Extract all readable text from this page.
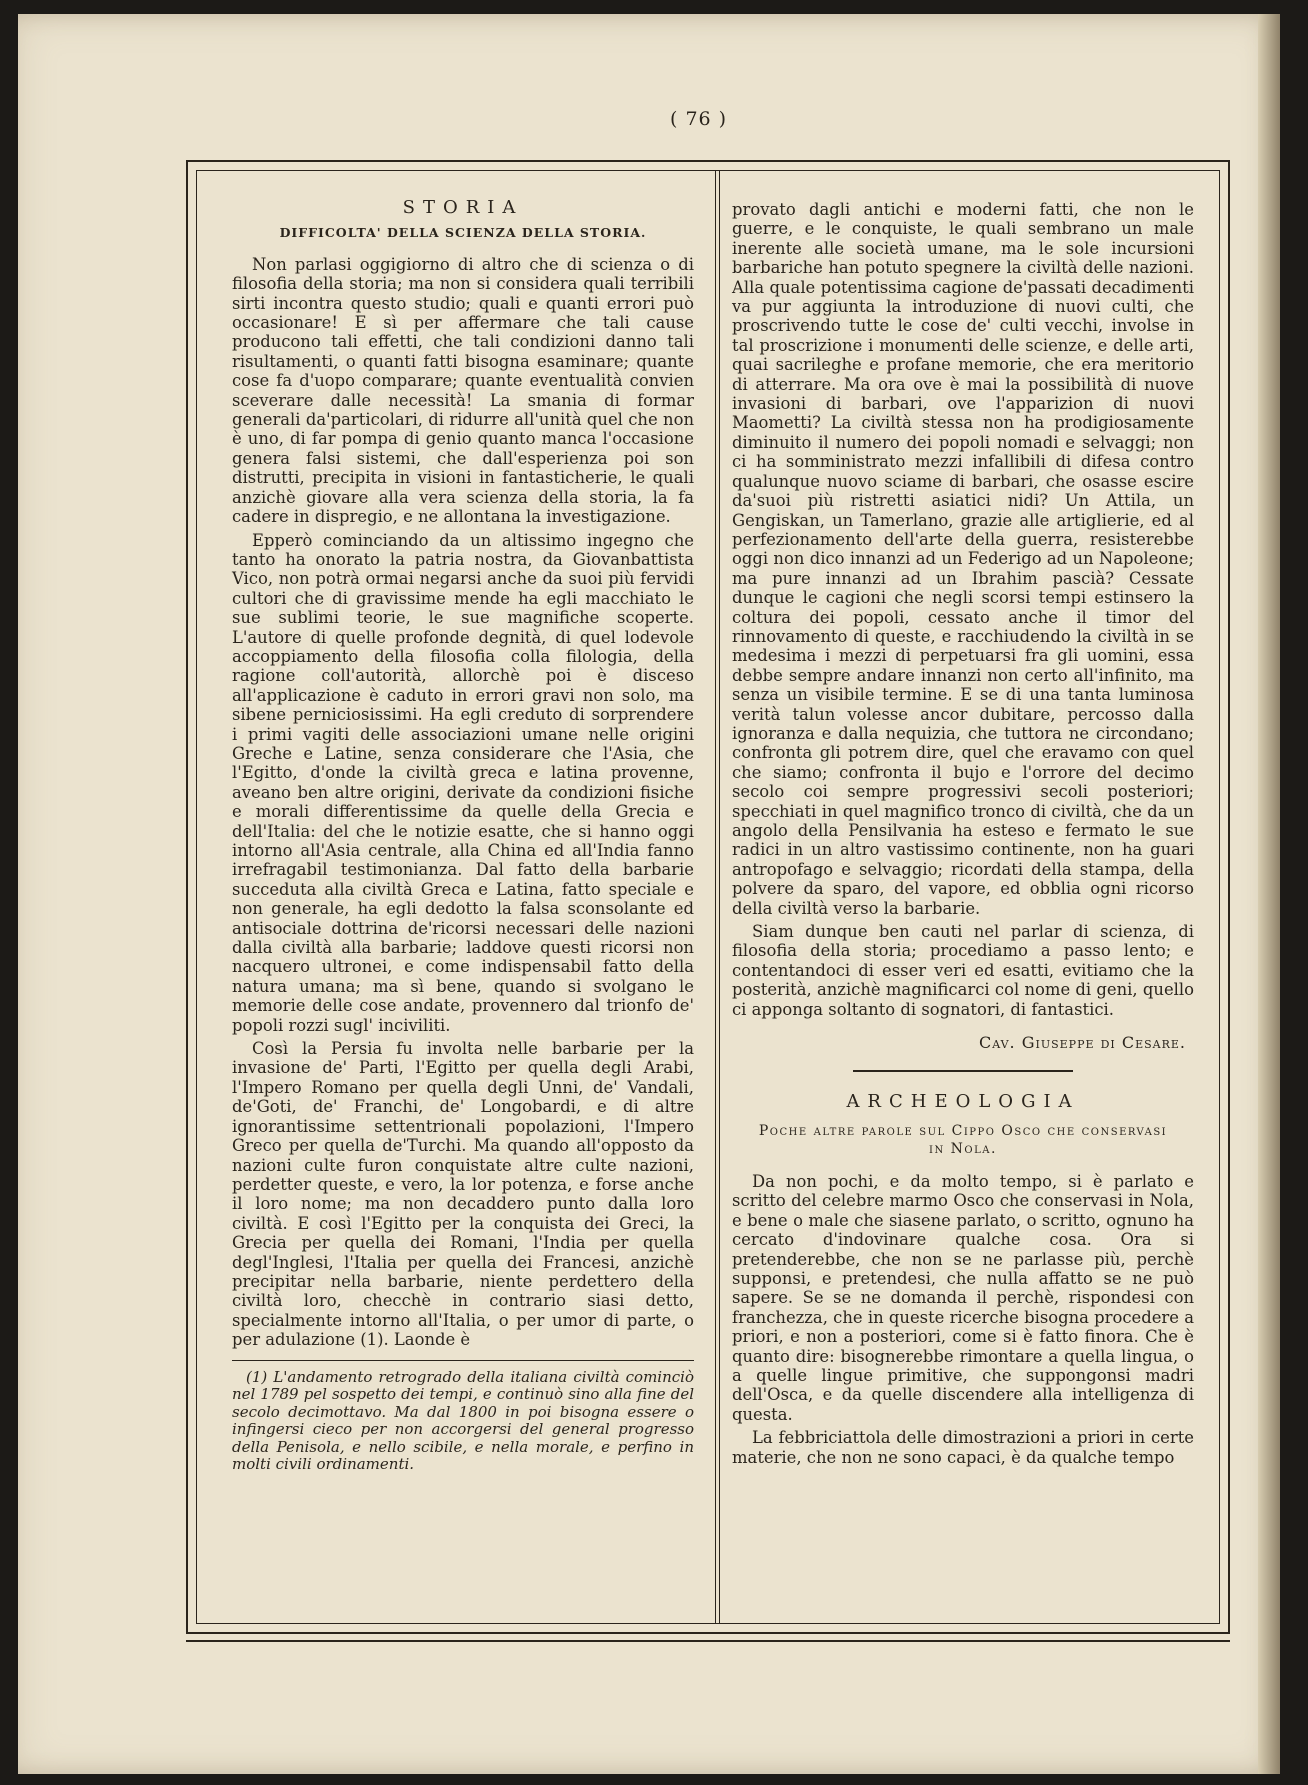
( 76 )
STORIA
DIFFICOLTA' DELLA SCIENZA DELLA STORIA.

Non parlasi oggigiorno di altro che di scienza o di filosofia della storia; ma non si considera quali terribili sirti incontra questo studio; quali e quanti errori può occasionare! E sì per affermare che tali cause producono tali effetti, che tali condizioni danno tali risultamenti, o quanti fatti bisogna esaminare; quante cose fa d'uopo comparare; quante eventualità convien sceverare dalle necessità! La smania di formar generali da'particolari, di ridurre all'unità quel che non è uno, di far pompa di genio quanto manca l'occasione genera falsi sistemi, che dall'esperienza poi son distrutti, precipita in visioni in fantasticherie, le quali anzichè giovare alla vera scienza della storia, la fa cadere in dispregio, e ne allontana la investigazione.

Epperò cominciando da un altissimo ingegno che tanto ha onorato la patria nostra, da Giovanbattista Vico, non potrà ormai negarsi anche da suoi più fervidi cultori che di gravissime mende ha egli macchiato le sue sublimi teorie, le sue magnifiche scoperte. L'autore di quelle profonde degnità, di quel lodevole accoppiamento della filosofia colla filologia, della ragione coll'autorità, allorchè poi è disceso all'applicazione è caduto in errori gravi non solo, ma sibene perniciosissimi. Ha egli creduto di sorprendere i primi vagiti delle associazioni umane nelle origini Greche e Latine, senza considerare che l'Asia, che l'Egitto, d'onde la civiltà greca e latina provenne, aveano ben altre origini, derivate da condizioni fisiche e morali differentissime da quelle della Grecia e dell'Italia: del che le notizie esatte, che si hanno oggi intorno all'Asia centrale, alla China ed all'India fanno irrefragabil testimonianza. Dal fatto della barbarie succeduta alla civiltà Greca e Latina, fatto speciale e non generale, ha egli dedotto la falsa sconsolante ed antisociale dottrina de'ricorsi necessari delle nazioni dalla civiltà alla barbarie; laddove questi ricorsi non nacquero ultronei, e come indispensabil fatto della natura umana; ma sì bene, quando si svolgano le memorie delle cose andate, provennero dal trionfo de' popoli rozzi sugl' inciviliti.

Così la Persia fu involta nelle barbarie per la invasione de' Parti, l'Egitto per quella degli Arabi, l'Impero Romano per quella degli Unni, de' Vandali, de'Goti, de' Franchi, de' Longobardi, e di altre ignorantissime settentrionali popolazioni, l'Impero Greco per quella de'Turchi. Ma quando all'opposto da nazioni culte furon conquistate altre culte nazioni, perdetter queste, e vero, la lor potenza, e forse anche il loro nome; ma non decaddero punto dalla loro civiltà. E così l'Egitto per la conquista dei Greci, la Grecia per quella dei Romani, l'India per quella degl'Inglesi, l'Italia per quella dei Francesi, anzichè precipitar nella barbarie, niente perdettero della civiltà loro, checchè in contrario siasi detto, specialmente intorno all'Italia, o per umor di parte, o per adulazione (1). Laonde è

(1) L'andamento retrogrado della italiana civiltà cominciò nel 1789 pel sospetto dei tempi, e continuò sino alla fine del secolo decimottavo. Ma dal 1800 in poi bisogna essere o infingersi cieco per non accorgersi del general progresso della Penisola, e nello scibile, e nella morale, e perfino in molti civili ordinamenti.

provato dagli antichi e moderni fatti, che non le guerre, e le conquiste, le quali sembrano un male inerente alle società umane, ma le sole incursioni barbariche han potuto spegnere la civiltà delle nazioni. Alla quale potentissima cagione de'passati decadimenti va pur aggiunta la introduzione di nuovi culti, che proscrivendo tutte le cose de' culti vecchi, involse in tal proscrizione i monumenti delle scienze, e delle arti, quai sacrileghe e profane memorie, che era meritorio di atterrare. Ma ora ove è mai la possibilità di nuove invasioni di barbari, ove l'apparizion di nuovi Maometti? La civiltà stessa non ha prodigiosamente diminuito il numero dei popoli nomadi e selvaggi; non ci ha somministrato mezzi infallibili di difesa contro qualunque nuovo sciame di barbari, che osasse escire da'suoi più ristretti asiatici nidi? Un Attila, un Gengiskan, un Tamerlano, grazie alle artiglierie, ed al perfezionamento dell'arte della guerra, resisterebbe oggi non dico innanzi ad un Federigo ad un Napoleone; ma pure innanzi ad un Ibrahim pascià? Cessate dunque le cagioni che negli scorsi tempi estinsero la coltura dei popoli, cessato anche il timor del rinnovamento di queste, e racchiudendo la civiltà in se medesima i mezzi di perpetuarsi fra gli uomini, essa debbe sempre andare innanzi non certo all'infinito, ma senza un visibile termine. E se di una tanta luminosa verità talun volesse ancor dubitare, percosso dalla ignoranza e dalla nequizia, che tuttora ne circondano; confronta gli potrem dire, quel che eravamo con quel che siamo; confronta il bujo e l'orrore del decimo secolo coi sempre progressivi secoli posteriori; specchiati in quel magnifico tronco di civiltà, che da un angolo della Pensilvania ha esteso e fermato le sue radici in un altro vastissimo continente, non ha guari antropofago e selvaggio; ricordati della stampa, della polvere da sparo, del vapore, ed obblia ogni ricorso della civiltà verso la barbarie.

Siam dunque ben cauti nel parlar di scienza, di filosofia della storia; procediamo a passo lento; e contentandoci di esser veri ed esatti, evitiamo che la posterità, anzichè magnificarci col nome di geni, quello ci apponga soltanto di sognatori, di fantastici.

Cav. Giuseppe di Cesare.
ARCHEOLOGIA
Poche altre parole sul Cippo Osco che conservasi in Nola.

Da non pochi, e da molto tempo, si è parlato e scritto del celebre marmo Osco che conservasi in Nola, e bene o male che siasene parlato, o scritto, ognuno ha cercato d'indovinare qualche cosa. Ora si pretenderebbe, che non se ne parlasse più, perchè supponsi, e pretendesi, che nulla affatto se ne può sapere. Se se ne domanda il perchè, rispondesi con franchezza, che in queste ricerche bisogna procedere a priori, e non a posteriori, come si è fatto finora. Che è quanto dire: bisognerebbe rimontare a quella lingua, o a quelle lingue primitive, che suppongonsi madri dell'Osca, e da quelle discendere alla intelligenza di questa.

La febbriciattola delle dimostrazioni a priori in certe materie, che non ne sono capaci, è da qualche tempo
